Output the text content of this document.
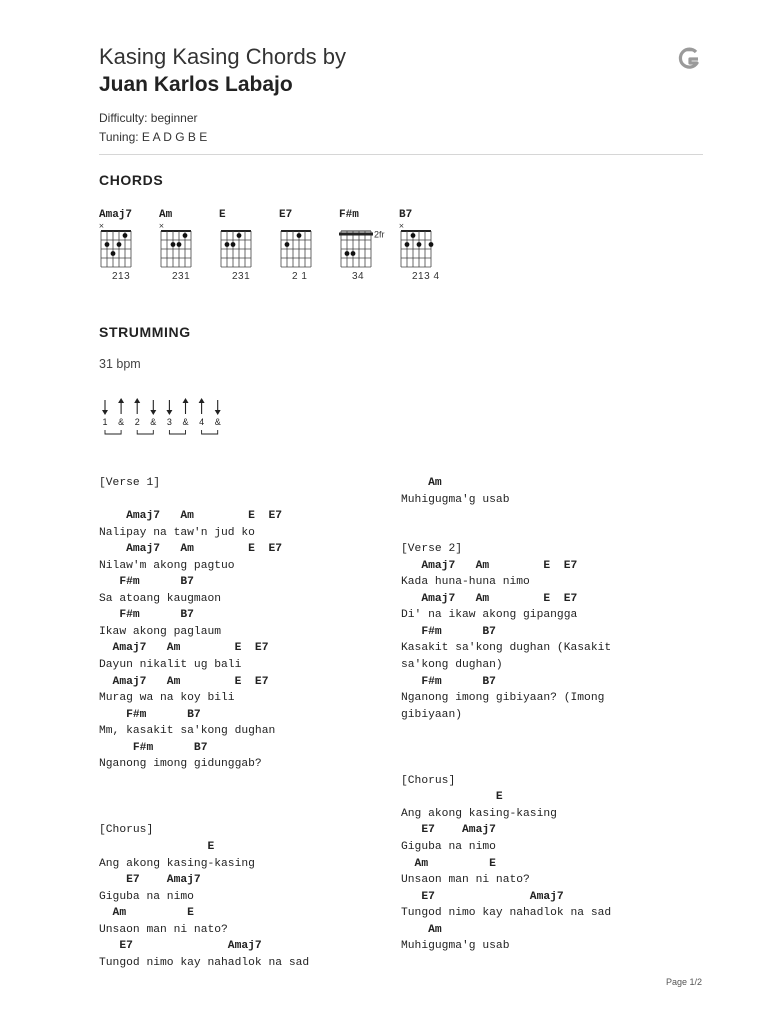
Kasing Kasing Chords by
Juan Karlos Labajo
Difficulty: beginner
Tuning: E A D G B E
CHORDS
Amaj7
×
213
Am
×
231
E
231
E7
2 1
F#m
2fr
34
B7
×
213 4
STRUMMING
31 bpm
1 & 2 & 3 & 4 &
[Verse 1]

Amaj7   Am        E  E7
Nalipay na taw'n jud ko
Amaj7   Am        E  E7
Nilaw'm akong pagtuo
F#m      B7
Sa atoang kaugmaon
F#m      B7
Ikaw akong paglaum
Amaj7   Am        E  E7
Dayun nikalit ug bali
Amaj7   Am        E  E7
Murag wa na koy bili
F#m      B7
Mm, kasakit sa'kong dughan
F#m      B7
Nganong imong gidunggab?

[Chorus]
E
Ang akong kasing-kasing
E7    Amaj7
Giguba na nimo
Am         E
Unsaon man ni nato?
E7              Amaj7
Tungod nimo kay nahadlok na sad
Am
Muhigugma'g usab

[Verse 2]
Amaj7   Am        E  E7
Kada huna-huna nimo
Amaj7   Am        E  E7
Di' na ikaw akong gipangga
F#m      B7
Kasakit sa'kong dughan (Kasakit
sa'kong dughan)
F#m      B7
Nganong imong gibiyaan? (Imong
gibiyaan)

[Chorus]
E
Ang akong kasing-kasing
E7    Amaj7
Giguba na nimo
Am         E
Unsaon man ni nato?
E7              Amaj7
Tungod nimo kay nahadlok na sad
Am
Muhigugma'g usab
Page 1/2
